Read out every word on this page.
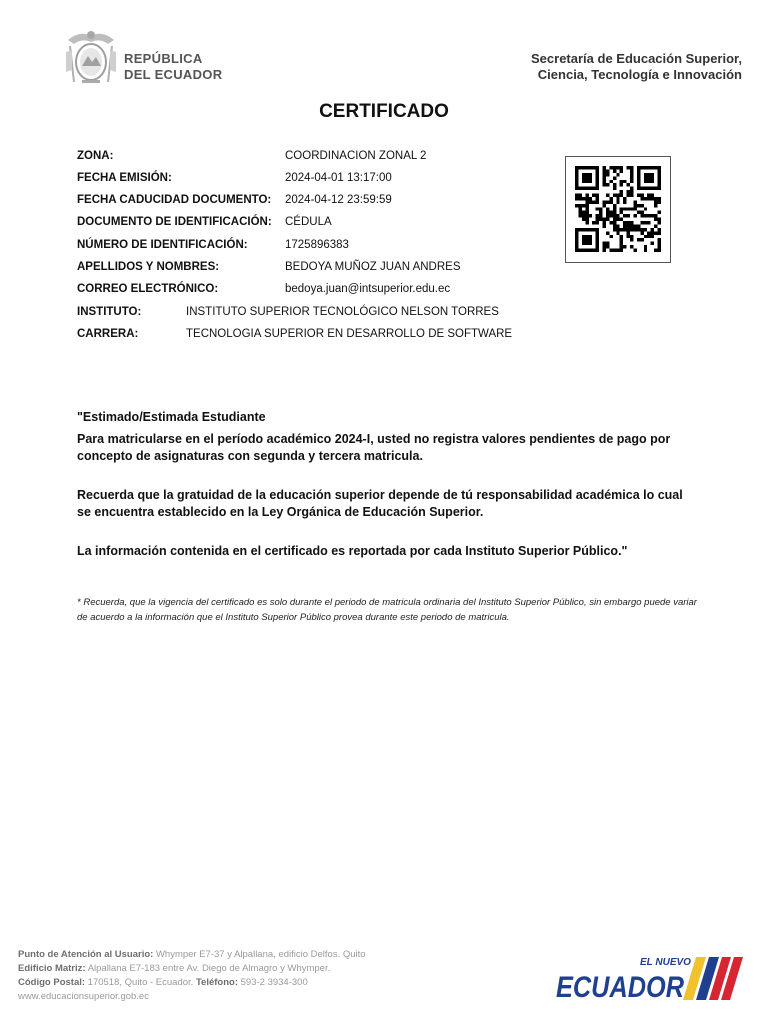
REPÚBLICA
DEL ECUADOR
Secretaría de Educación Superior,
Ciencia, Tecnología e Innovación
CERTIFICADO
ZONA:	COORDINACION ZONAL 2
FECHA EMISIÓN:	2024-04-01 13:17:00
FECHA CADUCIDAD DOCUMENTO: 2024-04-12 23:59:59
DOCUMENTO DE IDENTIFICACIÓN: CÉDULA
NÚMERO DE IDENTIFICACIÓN:	1725896383
APELLIDOS Y NOMBRES:	BEDOYA MUÑOZ JUAN ANDRES
CORREO ELECTRÓNICO:	bedoya.juan@intsuperior.edu.ec
INSTITUTO:	INSTITUTO SUPERIOR TECNOLÓGICO NELSON TORRES
CARRERA:	TECNOLOGIA SUPERIOR EN DESARROLLO DE SOFTWARE
"Estimado/Estimada Estudiante
Para matricularse en el período académico 2024-I, usted no registra valores pendientes de pago por concepto de asignaturas con segunda y tercera matricula.
Recuerda que la gratuidad de la educación superior depende de tú responsabilidad académica lo cual se encuentra establecido en la Ley Orgánica de Educación Superior.
La información contenida en el certificado es reportada por cada Instituto Superior Público."
* Recuerda, que la vigencia del certificado es solo durante el periodo de matricula ordinaria del Instituto Superior Público, sin embargo puede variar de acuerdo a la información que el Instituto Superior Público provea durante este periodo de matricula.
Punto de Atención al Usuario: Whymper E7-37 y Alpallana, edificio Delfos. Quito
Edificio Matriz: Alpallana E7-183 entre Av. Diego de Almagro y Whymper.
Código Postal: 170518, Quito - Ecuador. Teléfono: 593-2 3934-300
www.educacionsuperior.gob.ec
EL NUEVO
ECUADOR
